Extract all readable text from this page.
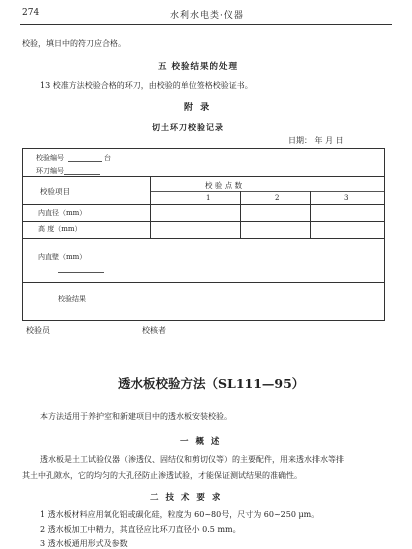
274	水利水电类·仪器
校验，填日中的符刀应合格。
五 校验结果的处理
13 校准方法校验合格的环刀，由校验的单位签格校验证书。
附 录
切土环刀校验记录
日期： 年 月 日
校验编号	台
环刀编号
校验项目
校 验 点 数
1	2	3
内直径（mm）
高 度（mm）
内直壁（mm）
校验结果
校验员	校核者
透水板校验方法（SL111—95）
本方法适用于养护室和新建项目中的透水板安装校验。
一 概 述
透水板是土工试验仪器（渗透仪、固结仪和剪切仪等）的主要配件，用来透水排水等排
其土中孔隙水，它的均匀的大孔径防止渗透试验，才能保证测试结果的准确性。
二 技 术 要 求
1 透水板材料应用氧化铝或碳化硅，粒度为 60~80号，尺寸为 60~250 μm。
2 透水板加工中精力，其直径应比环刀直径小 0.5 mm。
3 透水板通用形式及参数
